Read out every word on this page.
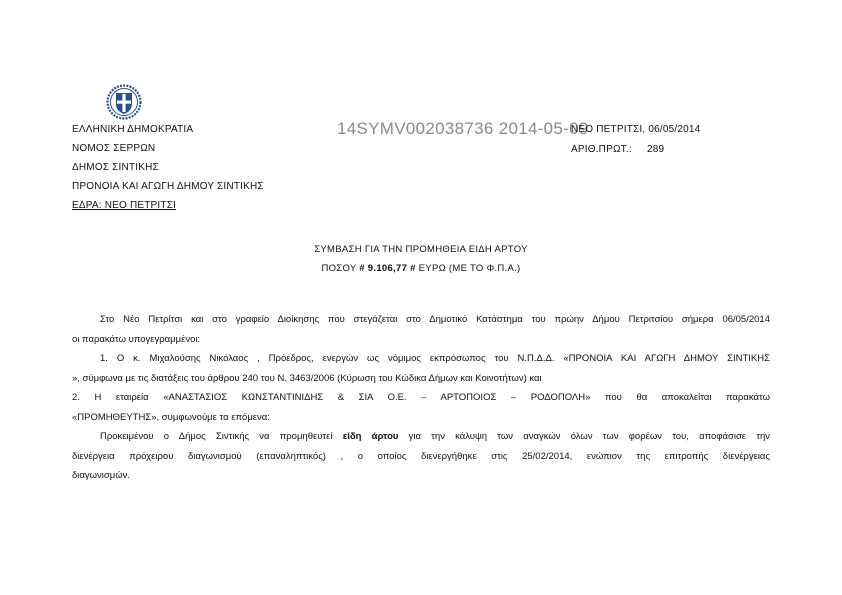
14SYMV002038736 2014-05-09
ΕΛΛΗΝΙΚΗ ΔΗΜΟΚΡΑΤΙΑ
ΝΟΜΟΣ ΣΕΡΡΩΝ
ΔΗΜΟΣ ΣΙΝΤΙΚΗΣ
ΠΡΟΝΟΙΑ ΚΑΙ ΑΓΩΓΗ ΔΗΜΟΥ ΣΙΝΤΙΚΗΣ
ΕΔΡΑ: ΝΕΟ ΠΕΤΡΙΤΣΙ
ΝΕΟ ΠΕΤΡΙΤΣΙ, 06/05/2014
ΑΡΙΘ.ΠΡΩΤ.: 289
ΣΥΜΒΑΣΗ ΓΙΑ ΤΗΝ ΠΡΟΜΗΘΕΙΑ ΕΙΔΗ ΑΡΤΟΥ
ΠΟΣΟΥ # 9.106,77 # ΕΥΡΩ (ΜΕ ΤΟ Φ.Π.Α.)
Στο Νέο Πετρίτσι και στο γραφείο Διοίκησης που στεγάζεται στο Δημοτικό Κατάστημα του πρώην Δήμου Πετριτσίου σήμερα 06/05/2014
οι παρακάτω υπογεγραμμένοι:
1. Ο κ. Μιχαλούσης Νικόλαος , Πρόεδρος, ενεργών ως νόμιμος εκπρόσωπος του Ν.Π.Δ.Δ. «ΠΡΟΝΟΙΑ ΚΑΙ ΑΓΩΓΗ ΔΗΜΟΥ ΣΙΝΤΙΚΗΣ
», σύμφωνα με τις διατάξεις του άρθρου 240 του Ν. 3463/2006 (Κύρωση του Κώδικα Δήμων και Κοινοτήτων) και
2. Η εταιρεία «ΑΝΑΣΤΑΣΙΟΣ ΚΩΝΣΤΑΝΤΙΝΙΔΗΣ & ΣΙΑ Ο.Ε. – ΑΡΤΟΠΟΙΟΣ – ΡΟΔΟΠΟΛΗ» που θα αποκαλείται παρακάτω
«ΠΡΟΜΗΘΕΥΤΗΣ», συμφωνούμε τα επόμενα:
Προκειμένου ο Δήμος Σιντικής να προμηθευτεί είδη άρτου για την κάλυψη των αναγκών όλων των φορέων του, αποφάσισε την
διενέργεια πρόχειρου διαγωνισμού (επαναληπτικός) , ο οποίος διενεργήθηκε στις 25/02/2014, ενώπιον της επιτροπής διενέργειας
διαγωνισμών.
